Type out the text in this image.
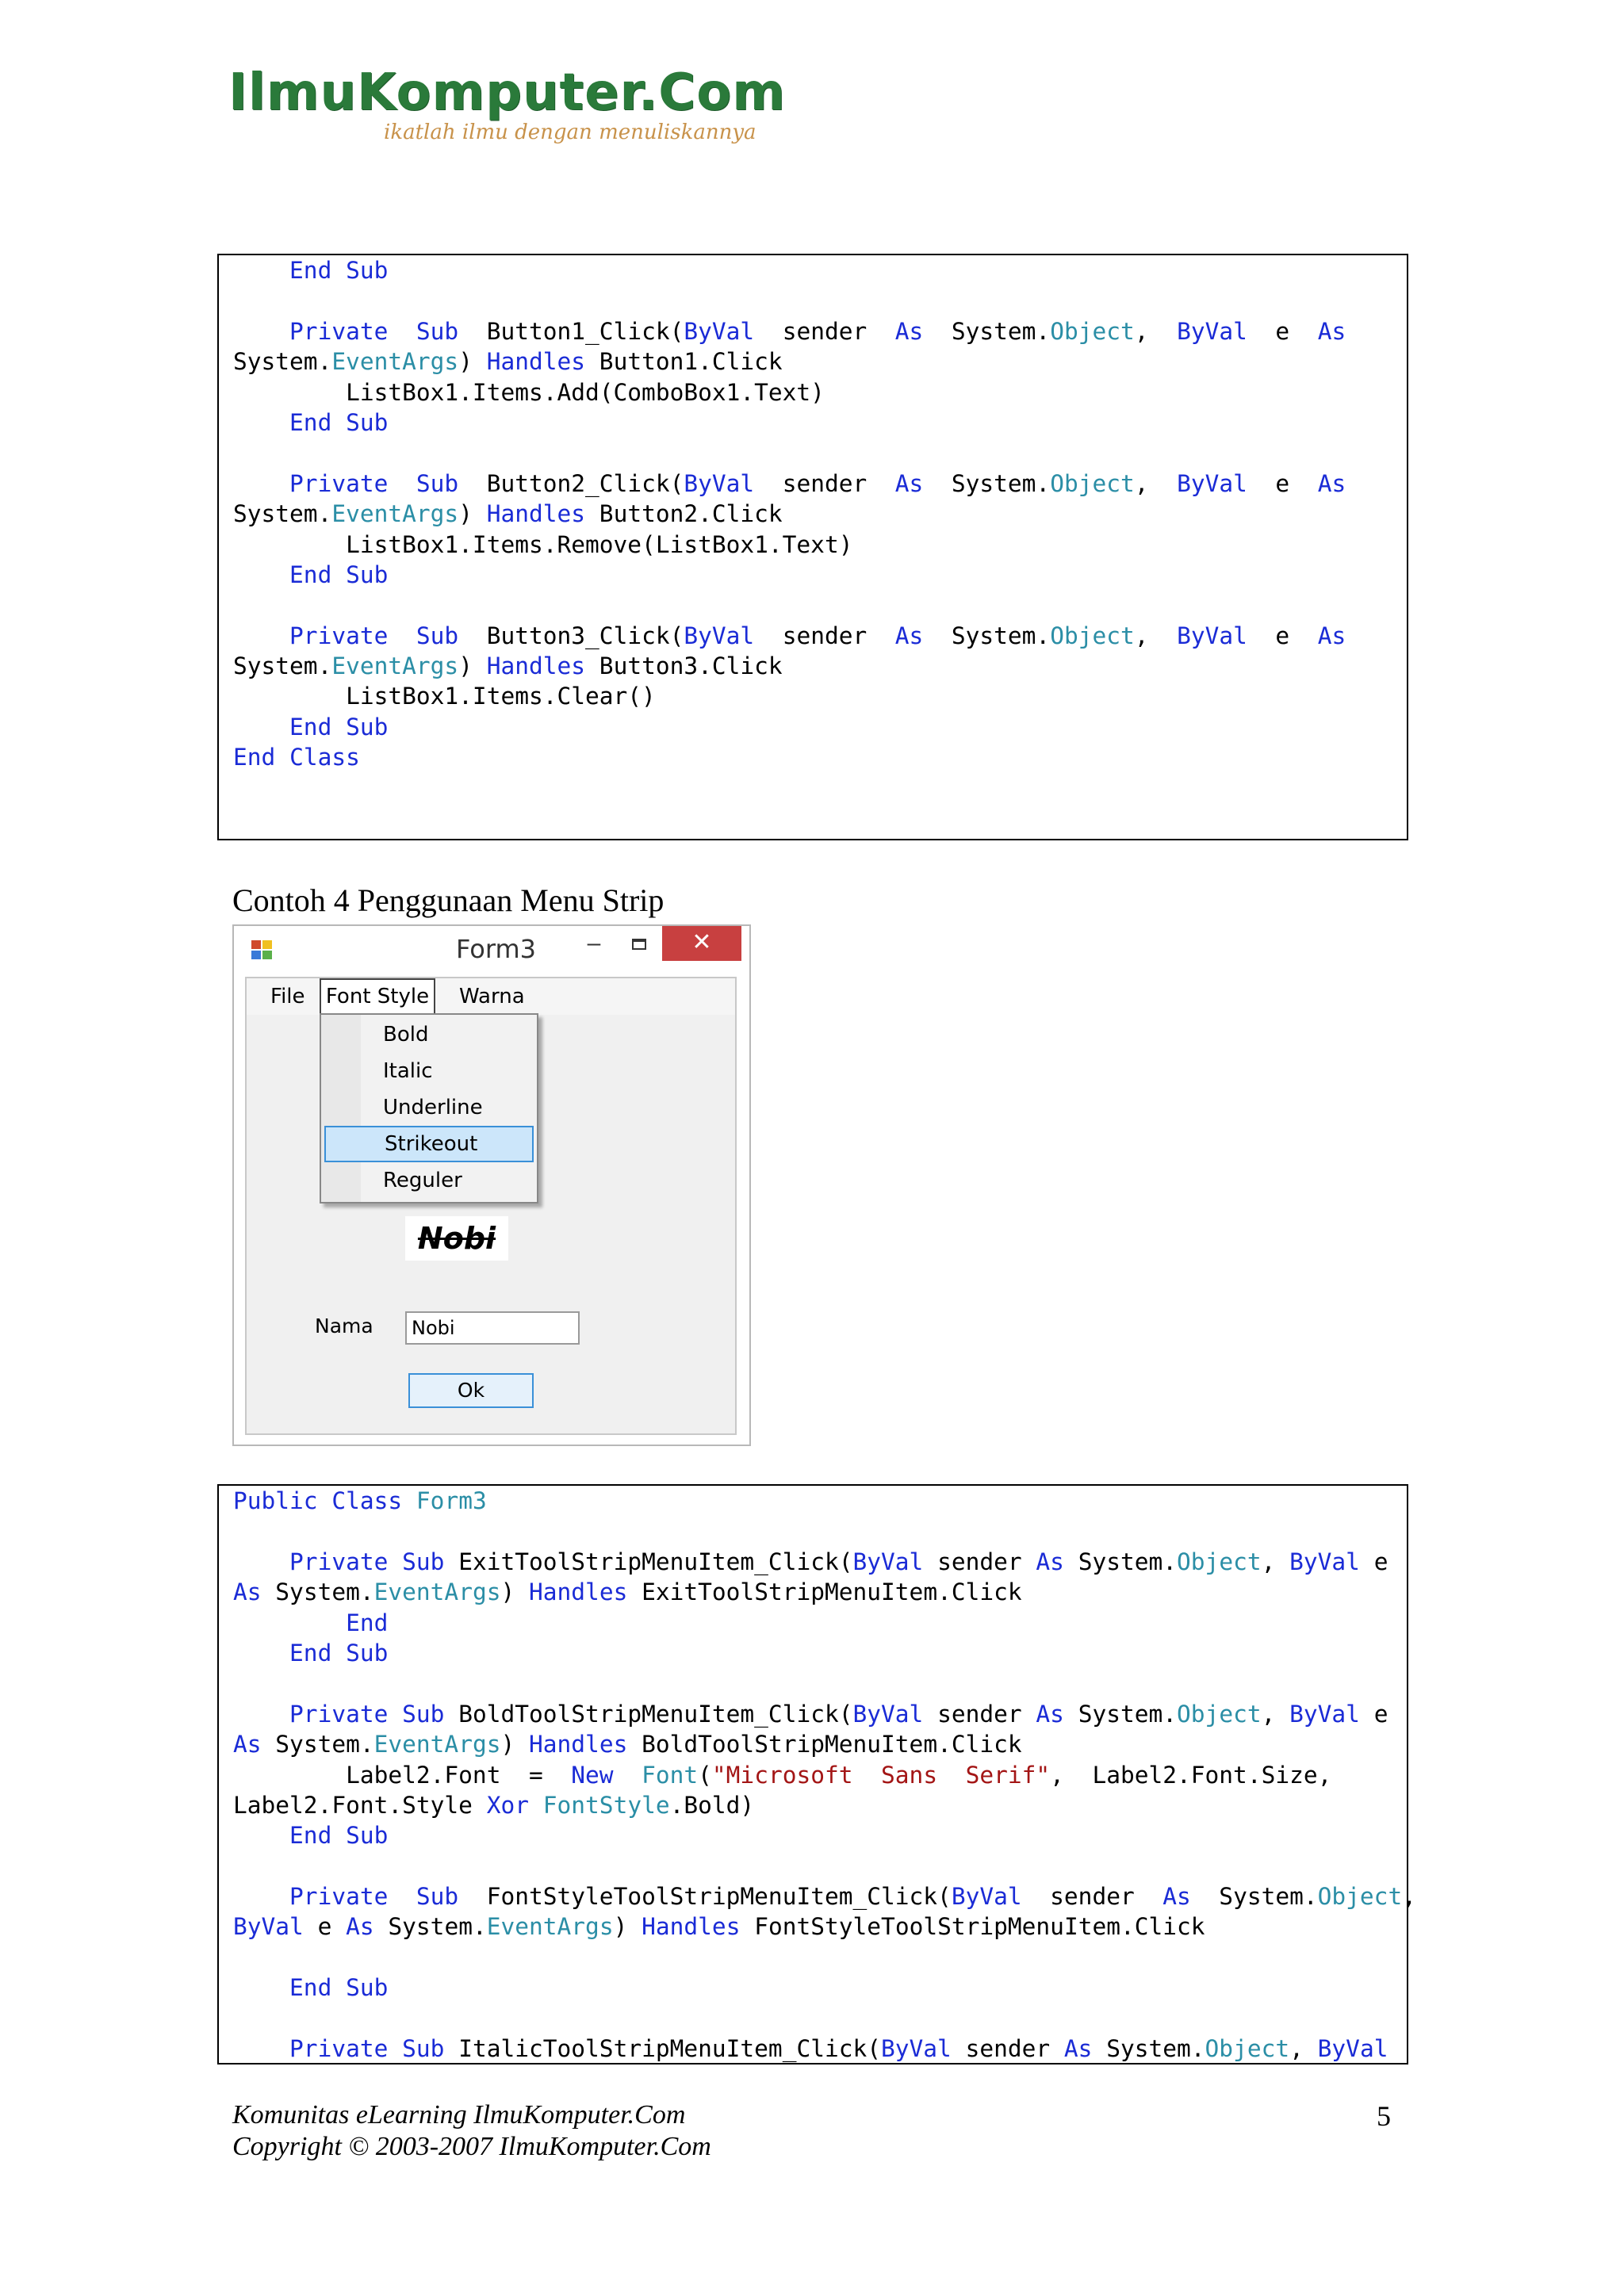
IlmuKomputer.Com
ikatlah ilmu dengan menuliskannya
End Sub

Private Sub  Button1_Click(ByVal  sender  As  System.Object,  ByVal  e  As
System.EventArgs) Handles Button1.Click
ListBox1.Items.Add(ComboBox1.Text)
End Sub

Private Sub  Button2_Click(ByVal  sender  As  System.Object,  ByVal  e  As
System.EventArgs) Handles Button2.Click
ListBox1.Items.Remove(ListBox1.Text)
End Sub

Private Sub  Button3_Click(ByVal  sender  As  System.Object,  ByVal  e  As
System.EventArgs) Handles Button3.Click
ListBox1.Items.Clear()
End Sub
End Class
Contoh 4 Penggunaan Menu Strip
Form3	–	✕
File	Font Style	Warna
Nobi
Nama	Nobi
Ok
Bold
Italic
Underline
Strikeout
Reguler
Public Class Form3

Private Sub ExitToolStripMenuItem_Click(ByVal sender As System.Object, ByVal e
As System.EventArgs) Handles ExitToolStripMenuItem.Click
End
End Sub

Private Sub BoldToolStripMenuItem_Click(ByVal sender As System.Object, ByVal e
As System.EventArgs) Handles BoldToolStripMenuItem.Click
Label2.Font  =  New Font("Microsoft  Sans  Serif",  Label2.Font.Size,
Label2.Font.Style Xor FontStyle.Bold)
End Sub

Private Sub  FontStyleToolStripMenuItem_Click(ByVal  sender  As  System.Object,
ByVal e As System.EventArgs) Handles FontStyleToolStripMenuItem.Click

End Sub

Private Sub ItalicToolStripMenuItem_Click(ByVal sender As System.Object, ByVal
Komunitas eLearning IlmuKomputer.Com
Copyright © 2003-2007 IlmuKomputer.Com
5
